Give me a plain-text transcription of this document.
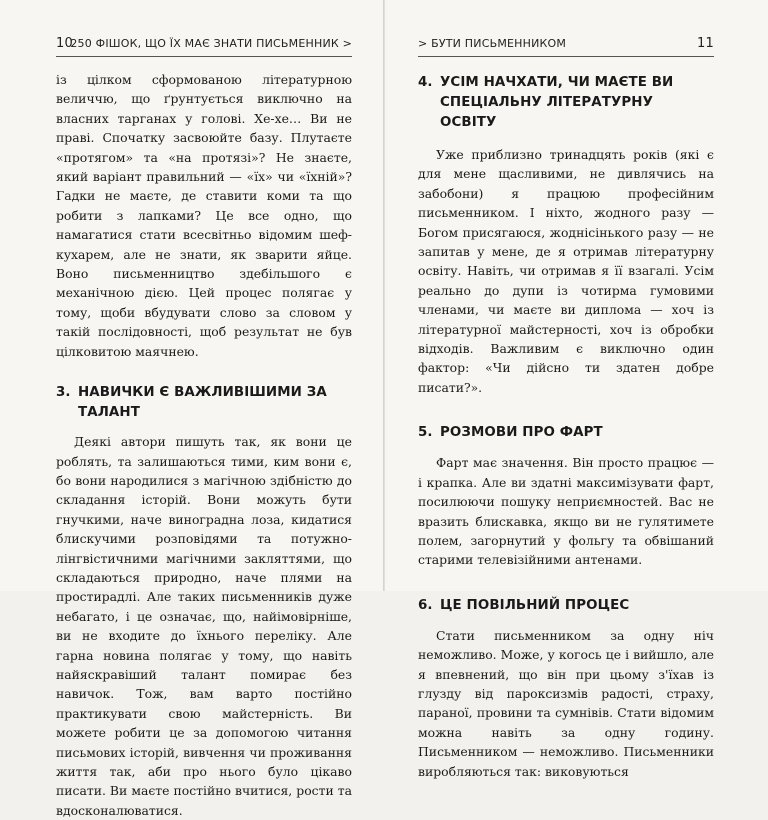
10
250 ФІШОК, ЩО ЇХ МАЄ ЗНАТИ ПИСЬМЕННИК >

із цілком сформованою літературною величчю, що ґрунтується виключно на власних тарганах у голові. Хе-хе… Ви не праві. Спочатку засвоюйте базу. Плутаєте «протягом» та «на протязі»? Не знаєте, який варіант правильний — «їх» чи «їхній»? Гадки не маєте, де ставити коми та що робити з лапками? Це все одно, що намагатися стати всесвітньо відомим шеф-кухарем, але не знати, як зварити яйце. Воно письменництво здебільшого є механічною дією. Цей процес полягає у тому, щоби вбудувати слово за словом у такій послідовності, щоб результат не був цілковитою маячнею.

3. НАВИЧКИ Є ВАЖЛИВІШИМИ ЗА ТАЛАНТ

Деякі автори пишуть так, як вони це роблять, та залишаються тими, ким вони є, бо вони народилися з магічною здібністю до складання історій. Вони можуть бути гнучкими, наче виноградна лоза, кидатися блискучими розповідями та потужно-лінгвістичними магічними закляттями, що складаються природно, наче плями на простирадлі. Але таких письменників дуже небагато, і це означає, що, найімовірніше, ви не входите до їхнього переліку. Але гарна новина полягає у тому, що навіть найяскравіший талант помирає без навичок. Тож, вам варто постійно практикувати свою майстерність. Ви можете робити це за допомогою читання письмових історій, вивчення чи проживання життя так, аби про нього було цікаво писати. Ви маєте постійно вчитися, рости та вдосконалюватися.

> БУТИ ПИСЬМЕННИКОМ	11
4. УСІМ НАЧХАТИ, ЧИ МАЄТЕ ВИ СПЕЦІАЛЬНУ ЛІТЕРАТУРНУ ОСВІТУ

Уже приблизно тринадцять років (які є для мене щасливими, не дивлячись на забобони) я працюю професійним письменником. І ніхто, жодного разу — Богом присягаюся, жоднісінького разу — не запитав у мене, де я отримав літературну освіту. Навіть, чи отримав я її взагалі. Усім реально до дупи із чотирма гумовими членами, чи маєте ви диплома — хоч із літературної майстерності, хоч із обробки відходів. Важливим є виключно один фактор: «Чи дійсно ти здатен добре писати?».

5. РОЗМОВИ ПРО ФАРТ

Фарт має значення. Він просто працює — і крапка. Але ви здатні максимізувати фарт, посилюючи пошуку неприємностей. Вас не вразить блискавка, якщо ви не гулятимете полем, загорнутий у фольгу та обвішаний старими телевізійними антенами.

6. ЦЕ ПОВІЛЬНИЙ ПРОЦЕС

Стати письменником за одну ніч неможливо. Може, у когось це і вийшло, але я впевнений, що він при цьому з'їхав із глузду від пароксизмів радості, страху, параної, провини та сумнівів. Стати відомим можна навіть за одну годину. Письменником — неможливо. Письменники виробляються так: виковуються
